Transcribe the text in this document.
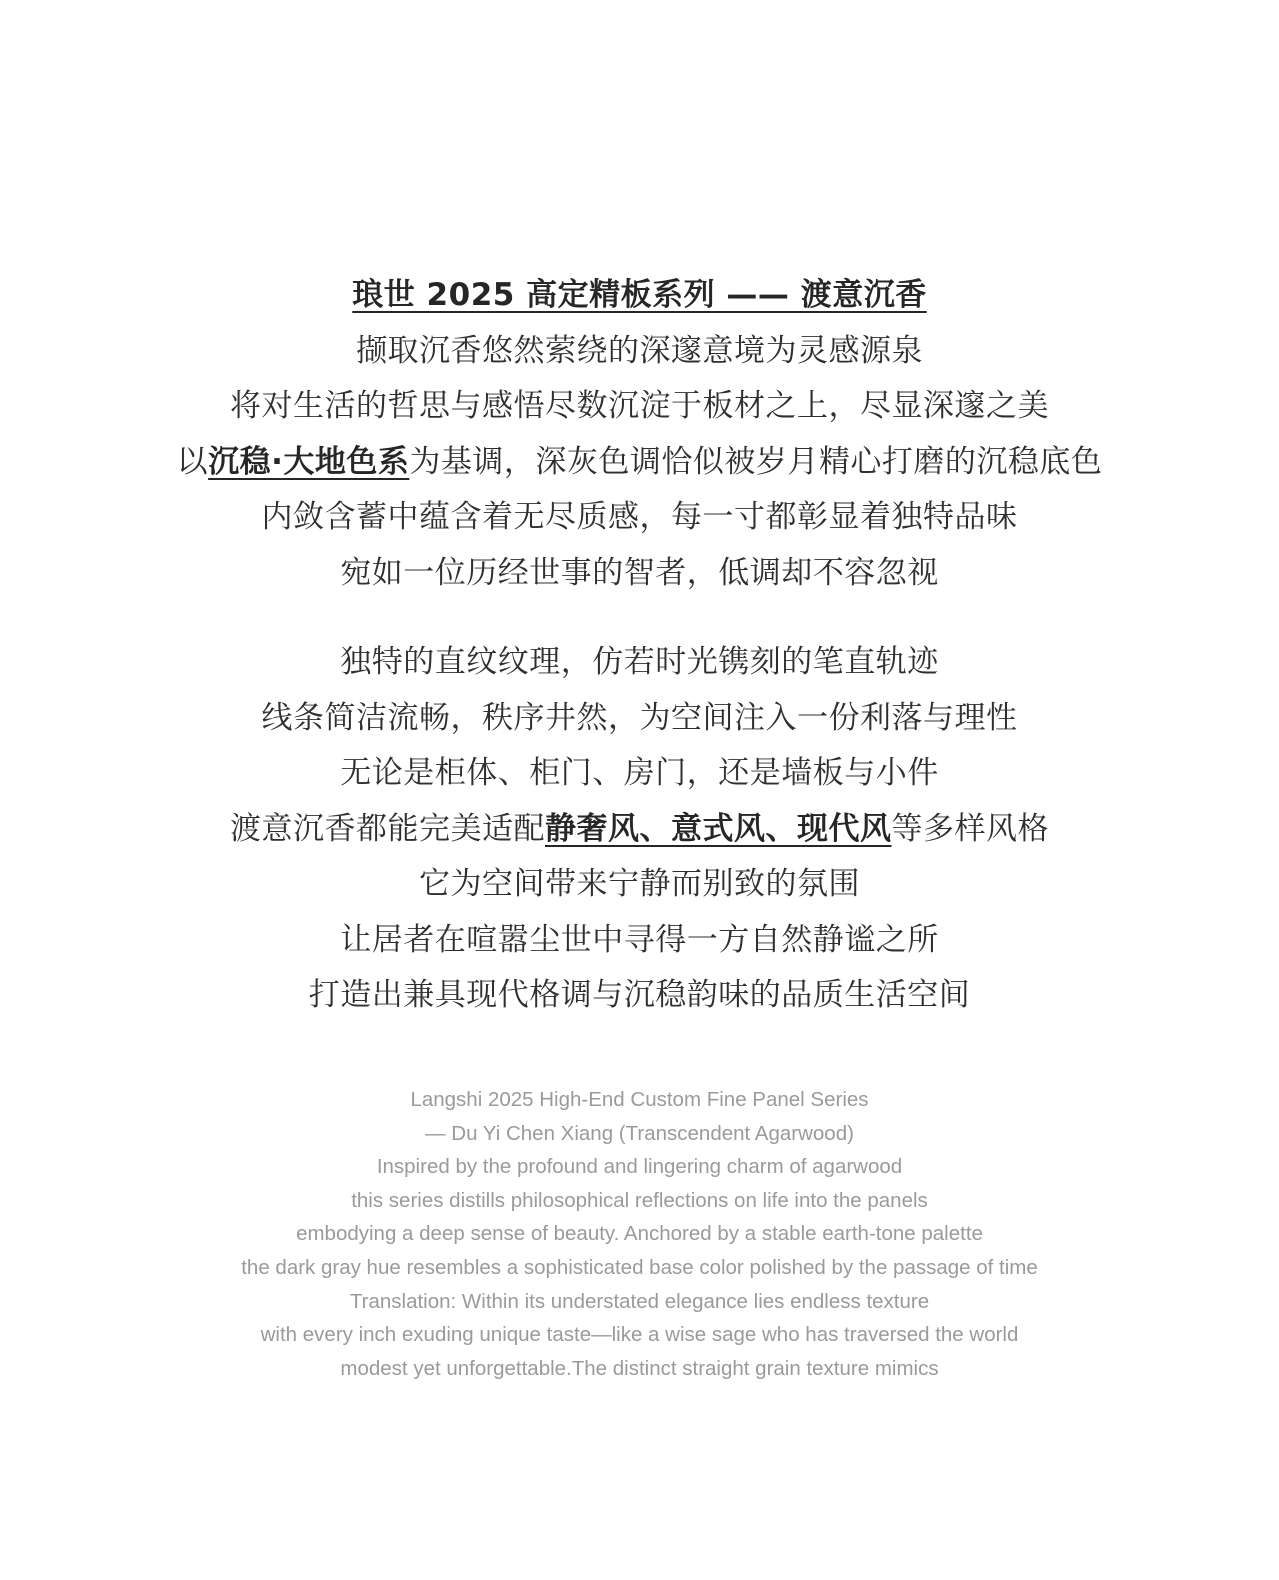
琅世 2025 高定精板系列 —— 渡意沉香
撷取沉香悠然萦绕的深邃意境为灵感源泉
将对生活的哲思与感悟尽数沉淀于板材之上，尽显深邃之美
以沉稳·大地色系为基调，深灰色调恰似被岁月精心打磨的沉稳底色
内敛含蓄中蕴含着无尽质感，每一寸都彰显着独特品味
宛如一位历经世事的智者，低调却不容忽视
独特的直纹纹理，仿若时光镌刻的笔直轨迹
线条简洁流畅，秩序井然，为空间注入一份利落与理性
无论是柜体、柜门、房门，还是墙板与小件
渡意沉香都能完美适配静奢风、意式风、现代风等多样风格
它为空间带来宁静而别致的氛围
让居者在喧嚣尘世中寻得一方自然静谧之所
打造出兼具现代格调与沉稳韵味的品质生活空间
Langshi 2025 High-End Custom Fine Panel Series
— Du Yi Chen Xiang (Transcendent Agarwood)
Inspired by the profound and lingering charm of agarwood
this series distills philosophical reflections on life into the panels
embodying a deep sense of beauty. Anchored by a stable earth-tone palette
the dark gray hue resembles a sophisticated base color polished by the passage of time
Translation: Within its understated elegance lies endless texture
with every inch exuding unique taste—like a wise sage who has traversed the world
modest yet unforgettable.The distinct straight grain texture mimics
